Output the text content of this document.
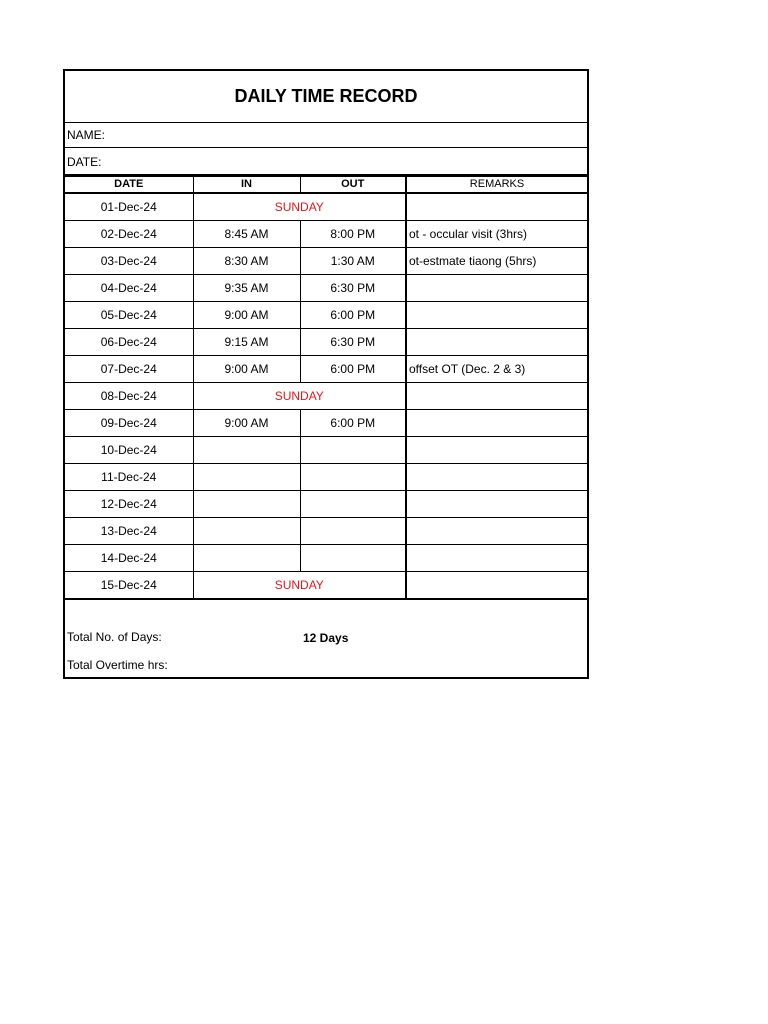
DAILY TIME RECORD
NAME:
DATE:
DATE	IN	OUT	REMARKS
01-Dec-24	SUNDAY		
02-Dec-24	8:45 AM	8:00 PM	ot - occular visit (3hrs)
03-Dec-24	8:30 AM	1:30 AM	ot-estmate tiaong (5hrs)
04-Dec-24	9:35 AM	6:30 PM	
05-Dec-24	9:00 AM	6:00 PM	
06-Dec-24	9:15 AM	6:30 PM	
07-Dec-24	9:00 AM	6:00 PM	offset OT (Dec. 2 & 3)
08-Dec-24	SUNDAY		
09-Dec-24	9:00 AM	6:00 PM	
10-Dec-24			
11-Dec-24			
12-Dec-24			
13-Dec-24			
14-Dec-24			
15-Dec-24	SUNDAY		
Total No. of Days:	12 Days
Total Overtime hrs:
